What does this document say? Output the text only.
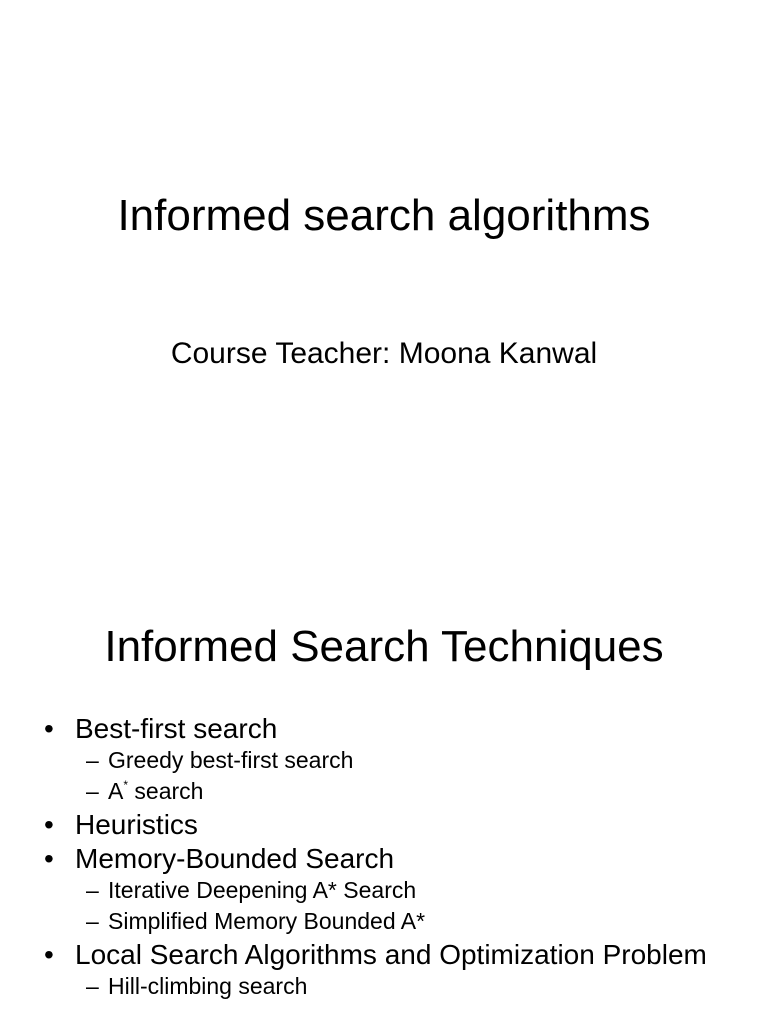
Informed search algorithms
Course Teacher: Moona Kanwal
Informed Search Techniques
• Best-first search
– Greedy best-first search
– A* search
• Heuristics
• Memory-Bounded Search
– Iterative Deepening A* Search
– Simplified Memory Bounded A*
• Local Search Algorithms and Optimization Problem
– Hill-climbing search
